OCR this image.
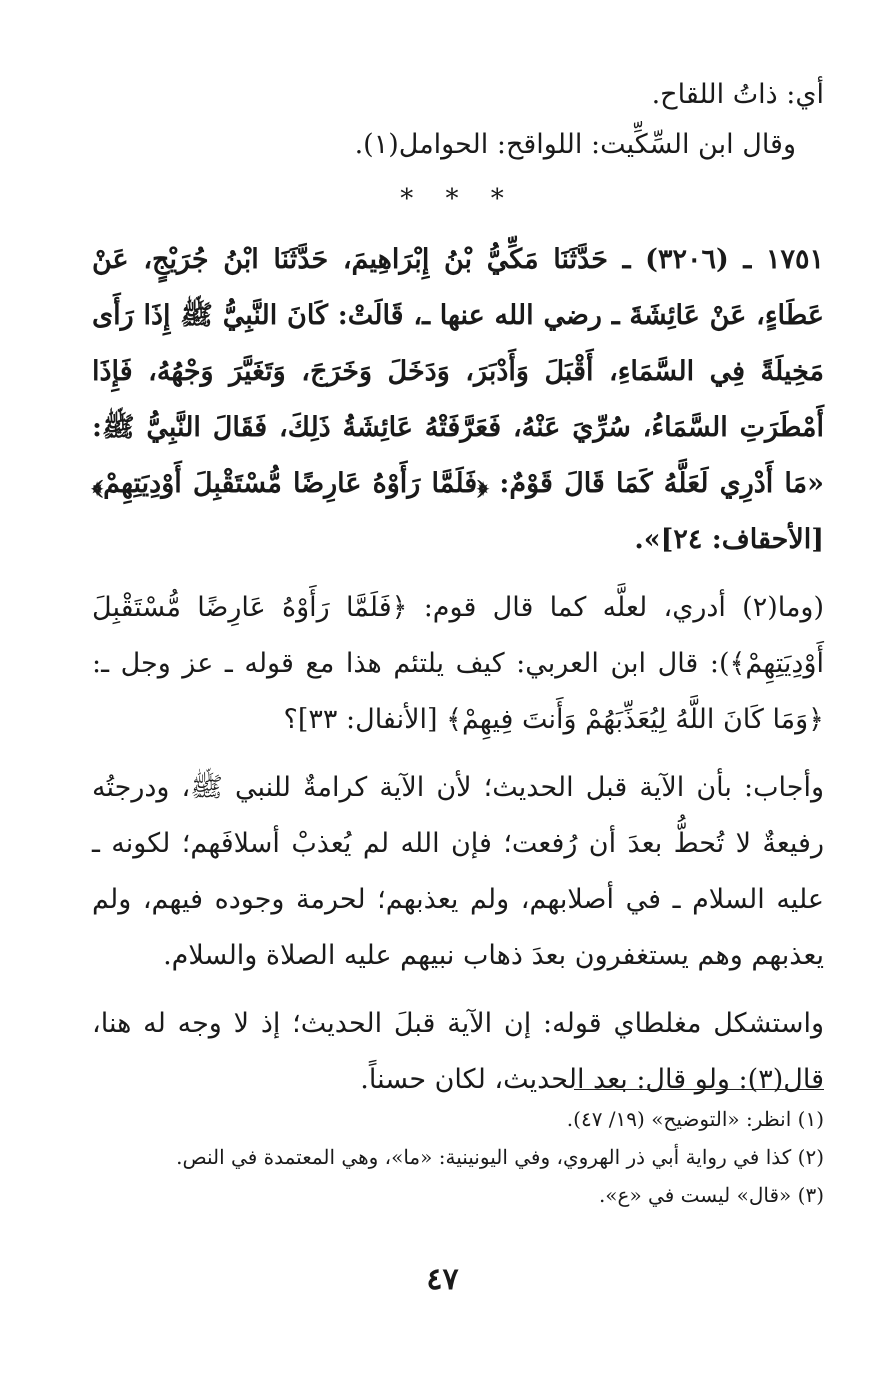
أي: ذاتُ اللقاح.

وقال ابن السِّكِّيت: اللواقح: الحوامل(١).

* * *

١٧٥١ ـ (٣٢٠٦) ـ حَدَّثَنَا مَكِّيُّ بْنُ إِبْرَاهِيمَ، حَدَّثَنَا ابْنُ جُرَيْجٍ، عَنْ عَطَاءٍ، عَنْ عَائِشَةَ ـ رضي الله عنها ـ، قَالَتْ: كَانَ النَّبِيُّ ﷺ إِذَا رَأَى مَخِيلَةً فِي السَّمَاءِ، أَقْبَلَ وَأَدْبَرَ، وَدَخَلَ وَخَرَجَ، وَتَغَيَّرَ وَجْهُهُ، فَإِذَا أَمْطَرَتِ السَّمَاءُ، سُرِّيَ عَنْهُ، فَعَرَّفَتْهُ عَائِشَةُ ذَلِكَ، فَقَالَ النَّبِيُّ ﷺ: «مَا أَدْرِي لَعَلَّهُ كَمَا قَالَ قَوْمٌ: ﴿فَلَمَّا رَأَوْهُ عَارِضًا مُّسْتَقْبِلَ أَوْدِيَتِهِمْ﴾ [الأحقاف: ٢٤]».

(وما(٢) أدري، لعلَّه كما قال قوم: ﴿فَلَمَّا رَأَوْهُ عَارِضًا مُّسْتَقْبِلَ أَوْدِيَتِهِمْ﴾): قال ابن العربي: كيف يلتئم هذا مع قوله ـ عز وجل ـ: ﴿وَمَا كَانَ اللَّهُ لِيُعَذِّبَهُمْ وَأَنتَ فِيهِمْ﴾ [الأنفال: ٣٣]؟

وأجاب: بأن الآية قبل الحديث؛ لأن الآية كرامةٌ للنبي ﷺ، ودرجتُه رفيعةٌ لا تُحطُّ بعدَ أن رُفعت؛ فإن الله لم يُعذبْ أسلافَهم؛ لكونه ـ عليه السلام ـ في أصلابهم، ولم يعذبهم؛ لحرمة وجوده فيهم، ولم يعذبهم وهم يستغفرون بعدَ ذهاب نبيهم عليه الصلاة والسلام.

واستشكل مغلطاي قوله: إن الآية قبلَ الحديث؛ إذ لا وجه له هنا، قال(٣): ولو قال: بعد الحديث، لكان حسناً.

(١) انظر: «التوضيح» (١٩/ ٤٧).

(٢) كذا في رواية أبي ذر الهروي، وفي اليونينية: «ما»، وهي المعتمدة في النص.

(٣) «قال» ليست في «ع».

٤٧
